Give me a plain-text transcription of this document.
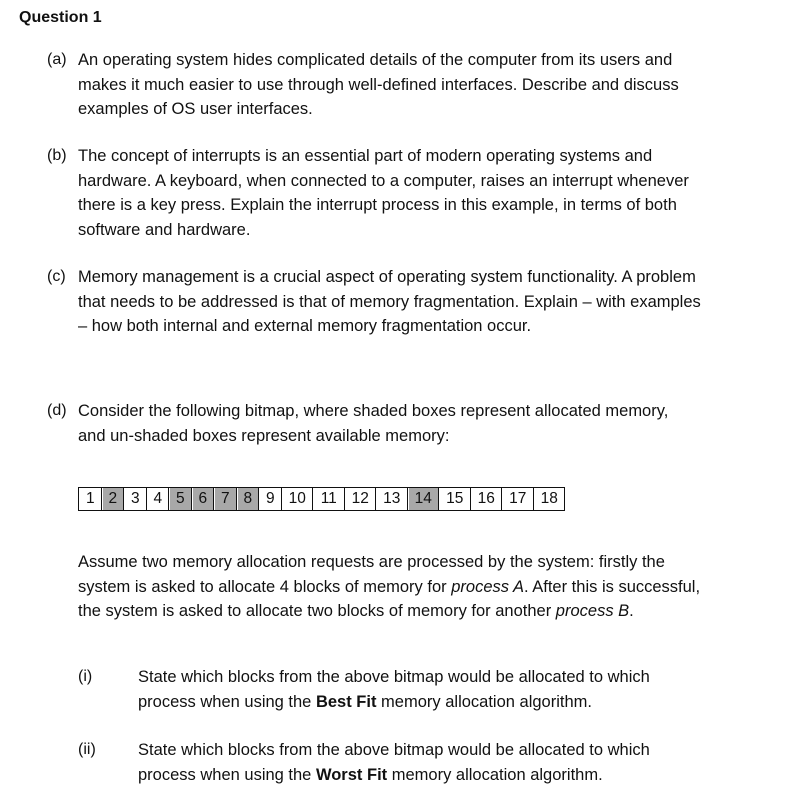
Question 1
(a) An operating system hides complicated details of the computer from its users and
makes it much easier to use through well-defined interfaces. Describe and discuss
examples of OS user interfaces.
(b) The concept of interrupts is an essential part of modern operating systems and
hardware. A keyboard, when connected to a computer, raises an interrupt whenever
there is a key press. Explain the interrupt process in this example, in terms of both
software and hardware.
(c) Memory management is a crucial aspect of operating system functionality. A problem
that needs to be addressed is that of memory fragmentation. Explain – with examples
– how both internal and external memory fragmentation occur.
(d) Consider the following bitmap, where shaded boxes represent allocated memory,
and un-shaded boxes represent available memory:
1 2 3 4 5 6 7 8 9 10 11 12 13 14 15 16 17 18
Assume two memory allocation requests are processed by the system: firstly the
system is asked to allocate 4 blocks of memory for process A. After this is successful,
the system is asked to allocate two blocks of memory for another process B.
(i)	State which blocks from the above bitmap would be allocated to which
process when using the Best Fit memory allocation algorithm.
(ii)	State which blocks from the above bitmap would be allocated to which
process when using the Worst Fit memory allocation algorithm.
